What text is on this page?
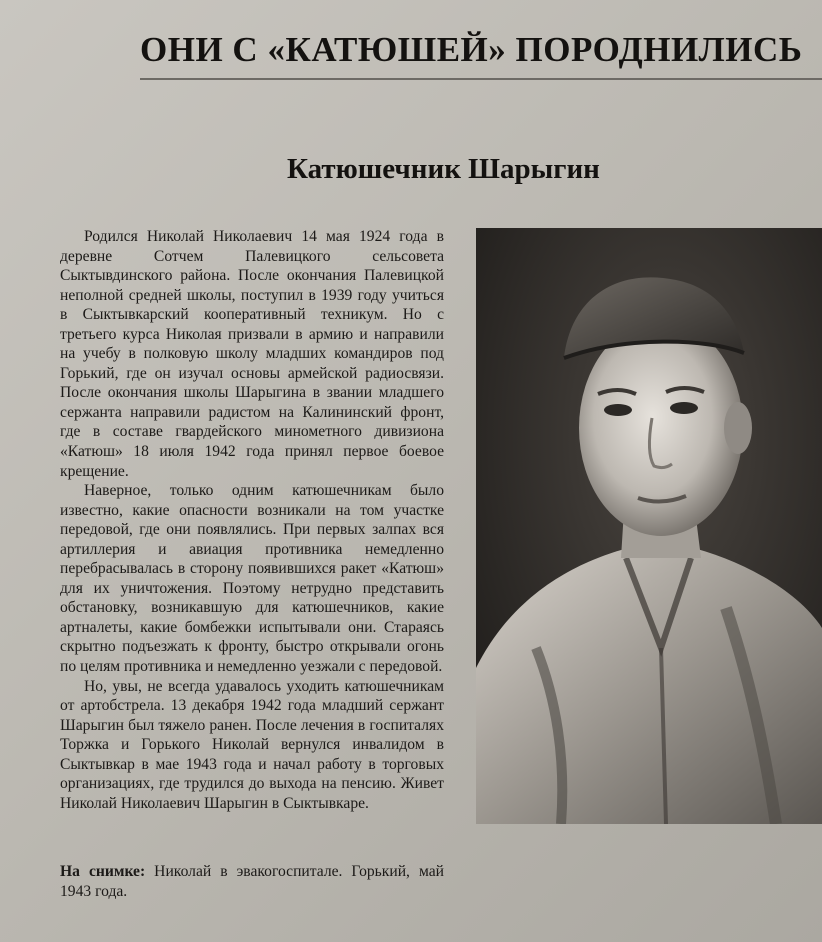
ОНИ С «КАТЮШЕЙ» ПОРОДНИЛИСЬ
Катюшечник Шарыгин

Родился Николай Николаевич 14 мая 1924 года в деревне Сотчем Палевицкого сельсовета Сыктывдинского района. После окончания Палевицкой неполной средней школы, поступил в 1939 году учиться в Сыктывкарский кооперативный техникум. Но с третьего курса Николая призвали в армию и направили на учебу в полковую школу младших командиров под Горький, где он изучал основы армейской радиосвязи. После окончания школы Шарыгина в звании младшего сержанта направили радистом на Калининский фронт, где в составе гвардейского минометного дивизиона «Катюш» 18 июля 1942 года принял первое боевое крещение.

Наверное, только одним катюшечникам было известно, какие опасности возникали на том участке передовой, где они появлялись. При первых залпах вся артиллерия и авиация противника немедленно перебрасывалась в сторону появившихся ракет «Катюш» для их уничтожения. Поэтому нетрудно представить обстановку, возникавшую для катюшечников, какие артналеты, какие бомбежки испытывали они. Стараясь скрытно подъезжать к фронту, быстро открывали огонь по целям противника и немедленно уезжали с передовой.

Но, увы, не всегда удавалось уходить катюшечникам от артобстрела. 13 декабря 1942 года младший сержант Шарыгин был тяжело ранен. После лечения в госпиталях Торжка и Горького Николай вернулся инвалидом в Сыктывкар в мае 1943 года и начал работу в торговых организациях, где трудился до выхода на пенсию. Живет Николай Николаевич Шарыгин в Сыктывкаре.

На снимке: Николай в эвакогоспитале. Горький, май 1943 года.
